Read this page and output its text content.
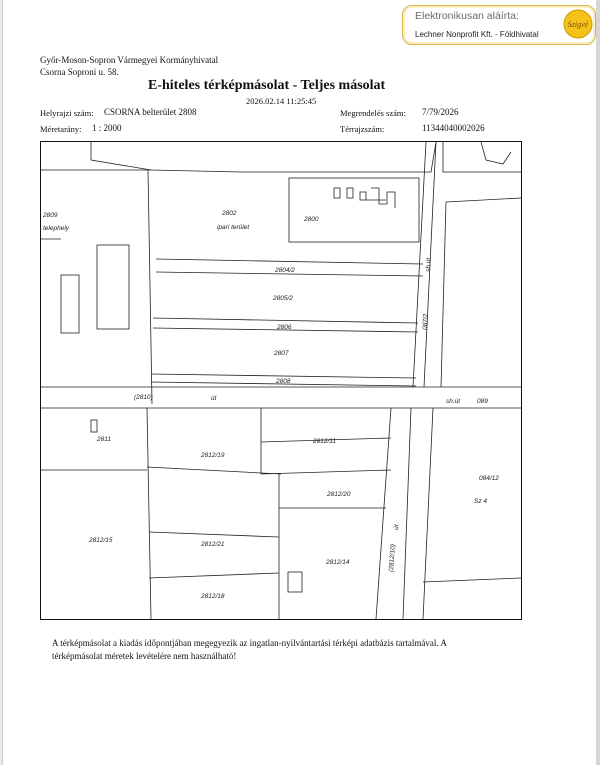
Elektronikusan aláírta:
Lechner Nonprofit Kft. - Földhivatal
Szigvé
Győr-Moson-Sopron Vármegyei Kormányhivatal
Csorna Soproni u. 58.
E-hiteles térképmásolat - Teljes másolat
2026.02.14 11:25:45
Helyrajzi szám: CSORNA belterület 2808	Megrendelés szám: 7/79/2026
Méretarány: 1 : 2000	Térrajzszám:	11344040002026
2809
telephely
2802
ipari terület
2800
2804/2
2805/2
2806
2807
2808
(2810)	út	sh.út	089
sh.út
087/2
2811	2812/11
2812/19
2812/20
2812/15
2812/21
2812/14
2812/18
(2812/10)
út
084/12
Sz 4
A térképmásolat a kiadás időpontjában megegyezik az ingatlan-nyilvántartási térképi adatbázis tartalmával. A
térképmásolat méretek levételére nem használható!
